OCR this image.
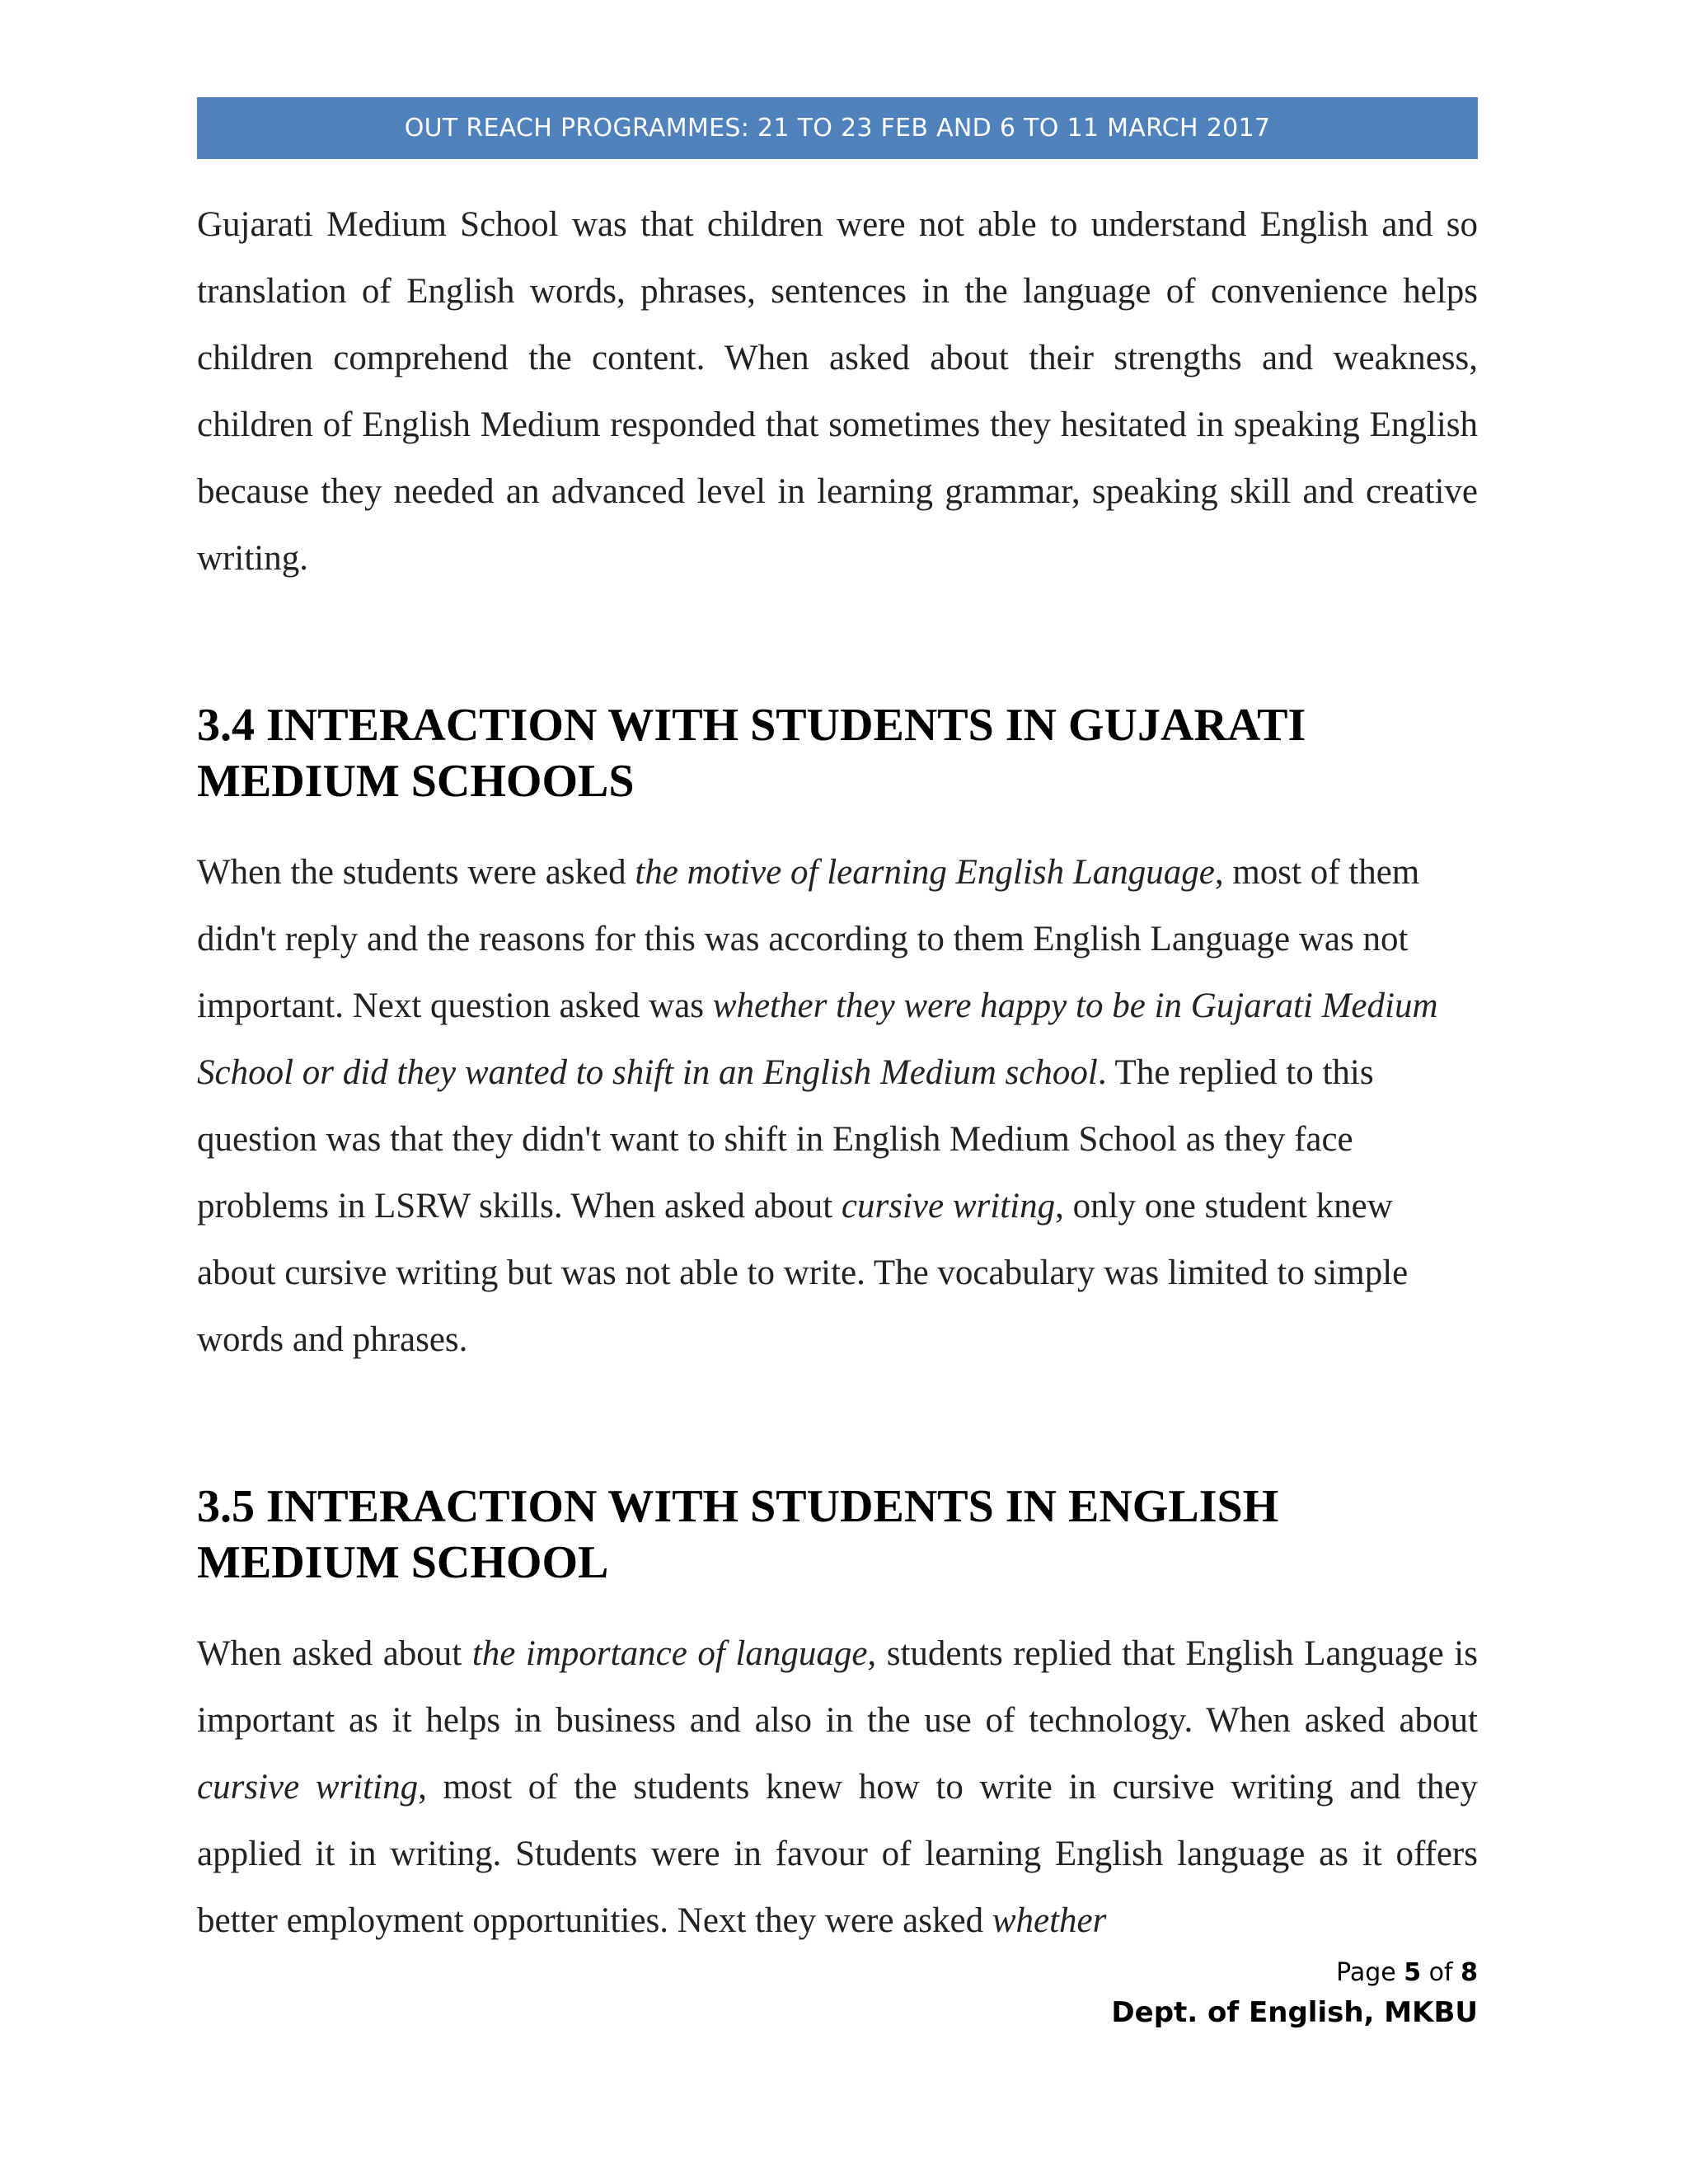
OUT REACH PROGRAMMES: 21 TO 23 FEB AND 6 TO 11 MARCH 2017

Gujarati Medium School was that children were not able to understand English and so translation of English words, phrases, sentences in the language of convenience helps children comprehend the content. When asked about their strengths and weakness, children of English Medium responded that sometimes they hesitated in speaking English because they needed an advanced level in learning grammar, speaking skill and creative writing.

3.4 INTERACTION WITH STUDENTS IN GUJARATI
MEDIUM SCHOOLS

When the students were asked the motive of learning English Language, most of them didn't reply and the reasons for this was according to them English Language was not important. Next question asked was whether they were happy to be in Gujarati Medium School or did they wanted to shift in an English Medium school. The replied to this question was that they didn't want to shift in English Medium School as they face problems in LSRW skills. When asked about cursive writing, only one student knew about cursive writing but was not able to write. The vocabulary was limited to simple words and phrases.

3.5 INTERACTION WITH STUDENTS IN ENGLISH
MEDIUM SCHOOL

When asked about the importance of language, students replied that English Language is important as it helps in business and also in the use of technology. When asked about cursive writing, most of the students knew how to write in cursive writing and they applied it in writing. Students were in favour of learning English language as it offers better employment opportunities. Next they were asked whether

Page 5 of 8
Dept. of English, MKBU
